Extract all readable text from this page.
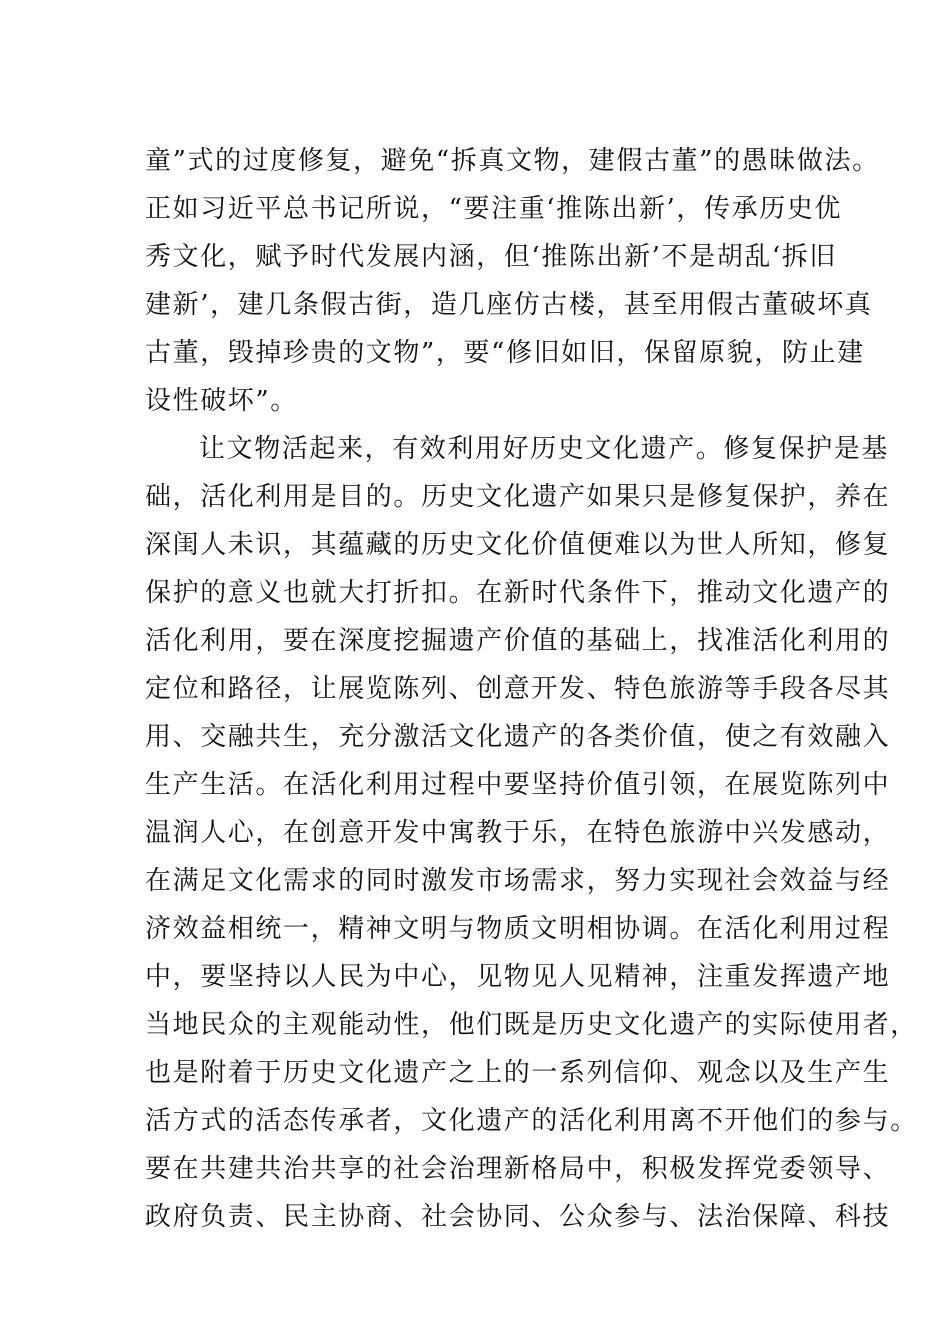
童”式的过度修复，避免“拆真文物，建假古董”的愚昧做法。
正如习近平总书记所说，“要注重‘推陈出新’，传承历史优
秀文化，赋予时代发展内涵，但‘推陈出新’不是胡乱‘拆旧
建新’，建几条假古街，造几座仿古楼，甚至用假古董破坏真
古董，毁掉珍贵的文物”，要“修旧如旧，保留原貌，防止建
设性破坏”。
让文物活起来，有效利用好历史文化遗产。修复保护是基
础，活化利用是目的。历史文化遗产如果只是修复保护，养在
深闺人未识，其蕴藏的历史文化价值便难以为世人所知，修复
保护的意义也就大打折扣。在新时代条件下，推动文化遗产的
活化利用，要在深度挖掘遗产价值的基础上，找准活化利用的
定位和路径，让展览陈列、创意开发、特色旅游等手段各尽其
用、交融共生，充分激活文化遗产的各类价值，使之有效融入
生产生活。在活化利用过程中要坚持价值引领，在展览陈列中
温润人心，在创意开发中寓教于乐，在特色旅游中兴发感动，
在满足文化需求的同时激发市场需求，努力实现社会效益与经
济效益相统一，精神文明与物质文明相协调。在活化利用过程
中，要坚持以人民为中心，见物见人见精神，注重发挥遗产地
当地民众的主观能动性，他们既是历史文化遗产的实际使用者，
也是附着于历史文化遗产之上的一系列信仰、观念以及生产生
活方式的活态传承者，文化遗产的活化利用离不开他们的参与。
要在共建共治共享的社会治理新格局中，积极发挥党委领导、
政府负责、民主协商、社会协同、公众参与、法治保障、科技
